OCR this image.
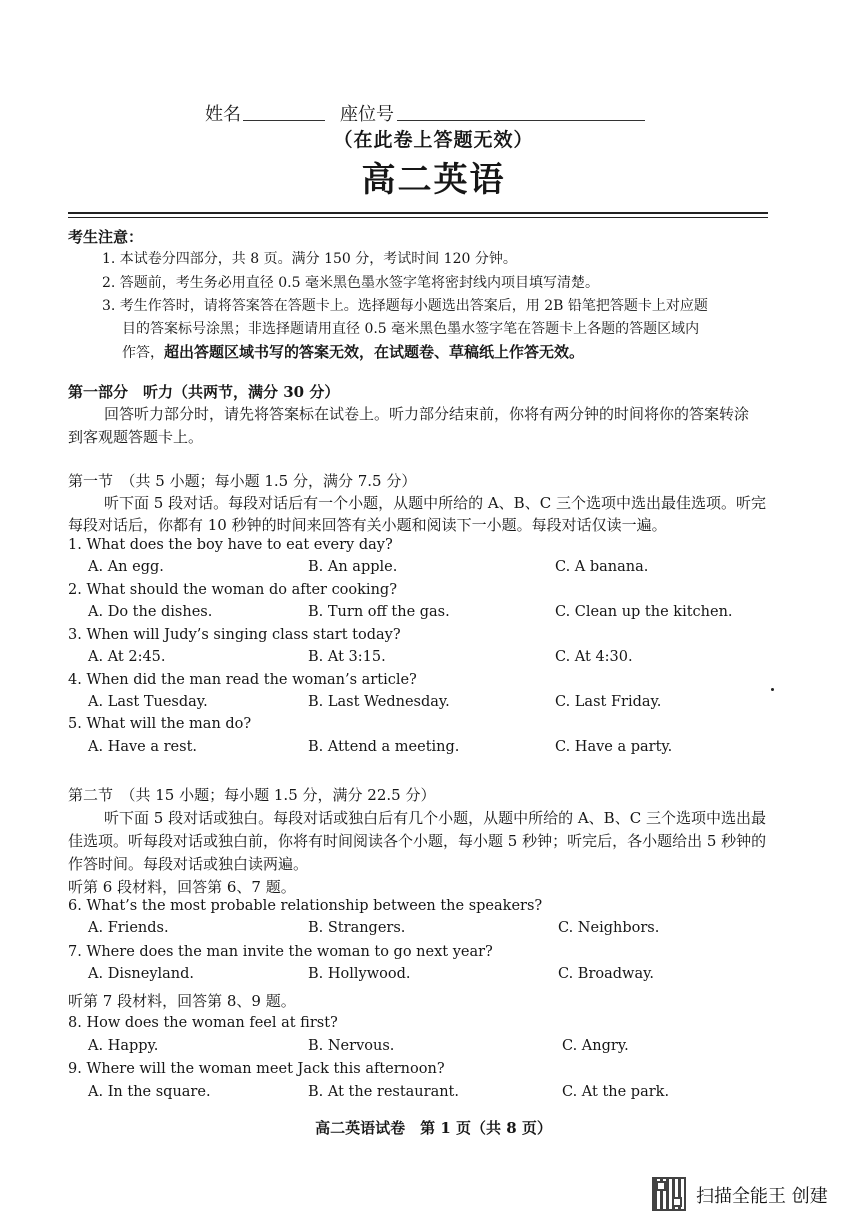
姓名	座位号
（在此卷上答题无效）
高二英语
考生注意：
1. 本试卷分四部分，共 8 页。满分 150 分，考试时间 120 分钟。
2. 答题前，考生务必用直径 0.5 毫米黑色墨水签字笔将密封线内项目填写清楚。
3. 考生作答时，请将答案答在答题卡上。选择题每小题选出答案后，用 2B 铅笔把答题卡上对应题
目的答案标号涂黑；非选择题请用直径 0.5 毫米黑色墨水签字笔在答题卡上各题的答题区域内
作答，超出答题区域书写的答案无效，在试题卷、草稿纸上作答无效。
第一部分　听力（共两节，满分 30 分）
回答听力部分时，请先将答案标在试卷上。听力部分结束前，你将有两分钟的时间将你的答案转涂
到客观题答题卡上。
第一节　（共 5 小题；每小题 1.5 分，满分 7.5 分）
听下面 5 段对话。每段对话后有一个小题，从题中所给的 A、B、C 三个选项中选出最佳选项。听完
每段对话后，你都有 10 秒钟的时间来回答有关小题和阅读下一小题。每段对话仅读一遍。
1. What does the boy have to eat every day?
A. An egg.	B. An apple.	C. A banana.
2. What should the woman do after cooking?
A. Do the dishes.	B. Turn off the gas.	C. Clean up the kitchen.
3. When will Judy’s singing class start today?
A. At 2:45.	B. At 3:15.	C. At 4:30.
4. When did the man read the woman’s article?
A. Last Tuesday.	B. Last Wednesday.	C. Last Friday.
5. What will the man do?
A. Have a rest.	B. Attend a meeting.	C. Have a party.
第二节　（共 15 小题；每小题 1.5 分，满分 22.5 分）
听下面 5 段对话或独白。每段对话或独白后有几个小题，从题中所给的 A、B、C 三个选项中选出最
佳选项。听每段对话或独白前，你将有时间阅读各个小题，每小题 5 秒钟；听完后，各小题给出 5 秒钟的
作答时间。每段对话或独白读两遍。
听第 6 段材料，回答第 6、7 题。
6. What’s the most probable relationship between the speakers?
A. Friends.	B. Strangers.	C. Neighbors.
7. Where does the man invite the woman to go next year?
A. Disneyland.	B. Hollywood.	C. Broadway.
听第 7 段材料，回答第 8、9 题。
8. How does the woman feel at first?
A. Happy.	B. Nervous.	C. Angry.
9. Where will the woman meet Jack this afternoon?
A. In the square.	B. At the restaurant.	C. At the park.
高二英语试卷　第 1 页（共 8 页）
扫描全能王 创建
